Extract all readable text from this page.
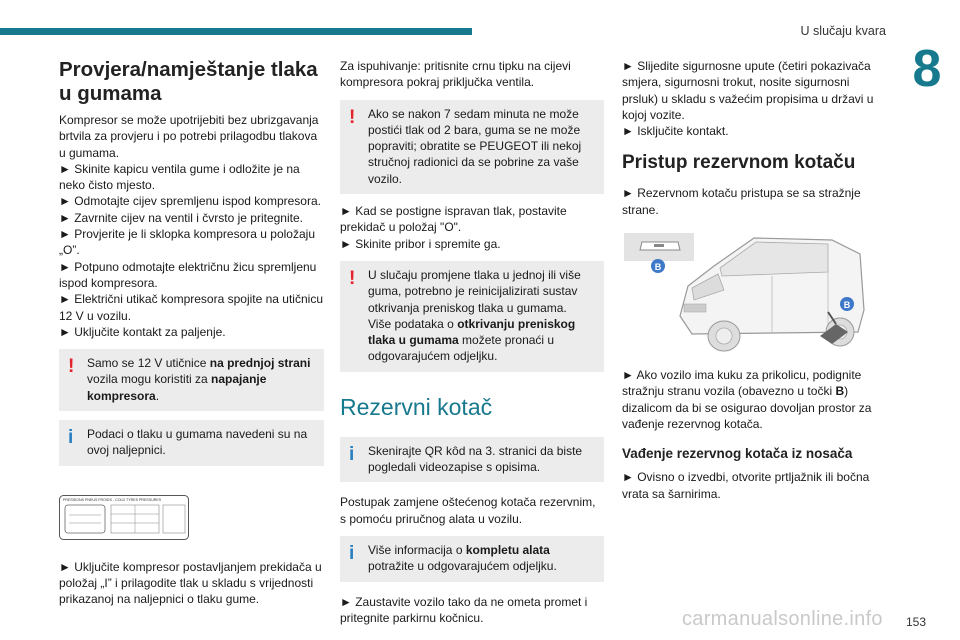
U slučaju kvara
8
Provjera/namještanje tlaka u gumama

Kompresor se može upotrijebiti bez ubrizgavanja brtvila za provjeru i po potrebi prilagodbu tlakova u gumama.

► Skinite kapicu ventila gume i odložite je na neko čisto mjesto.

► Odmotajte cijev spremljenu ispod kompresora.

► Zavrnite cijev na ventil i čvrsto je pritegnite.

► Provjerite je li sklopka kompresora u položaju „O”.

► Potpuno odmotajte električnu žicu spremljenu ispod kompresora.

► Električni utikač kompresora spojite na utičnicu 12 V u vozilu.

► Uključite kontakt za paljenje.

! Samo se 12 V utičnice na prednjoj strani vozila mogu koristiti za napajanje kompresora.
i Podaci o tlaku u gumama navedeni su na ovoj naljepnici.
PRESSIONS PNEUS FROIDS - COLD TYRES PRESSURES

► Uključite kompresor postavljanjem prekidača u položaj „I” i prilagodite tlak u skladu s vrijednosti prikazanoj na naljepnici o tlaku gume.

Za ispuhivanje: pritisnite crnu tipku na cijevi kompresora pokraj priključka ventila.

! Ako se nakon 7 sedam minuta ne može postići tlak od 2 bara, guma se ne može popraviti; obratite se PEUGEOT ili nekoj stručnoj radionici da se pobrine za vaše vozilo.

► Kad se postigne ispravan tlak, postavite prekidač u položaj "O".

► Skinite pribor i spremite ga.

! U slučaju promjene tlaka u jednoj ili više guma, potrebno je reinicijalizirati sustav otkrivanja preniskog tlaka u gumama.
Više podataka o otkrivanju preniskog tlaka u gumama možete pronaći u odgovarajućem odjeljku.
Rezervni kotač
i Skenirajte QR kôd na 3. stranici da biste pogledali videozapise s opisima.

Postupak zamjene oštećenog kotača rezervnim, s pomoću priručnog alata u vozilu.

i Više informacija o kompletu alata potražite u odgovarajućem odjeljku.

► Zaustavite vozilo tako da ne ometa promet i pritegnite parkirnu kočnicu.

► Slijedite sigurnosne upute (četiri pokazivača smjera, sigurnosni trokut, nosite sigurnosni prsluk) u skladu s važećim propisima u državi u kojoj vozite.

► Isključite kontakt.

Pristup rezervnom kotaču

► Rezervnom kotaču pristupa se sa stražnje strane.

B
B

► Ako vozilo ima kuku za prikolicu, podignite stražnju stranu vozila (obavezno u točki B) dizalicom da bi se osigurao dovoljan prostor za vađenje rezervnog kotača.

Vađenje rezervnog kotača iz nosača

► Ovisno o izvedbi, otvorite prtljažnik ili bočna vrata sa šarnirima.

carmanualsonline.info 153
